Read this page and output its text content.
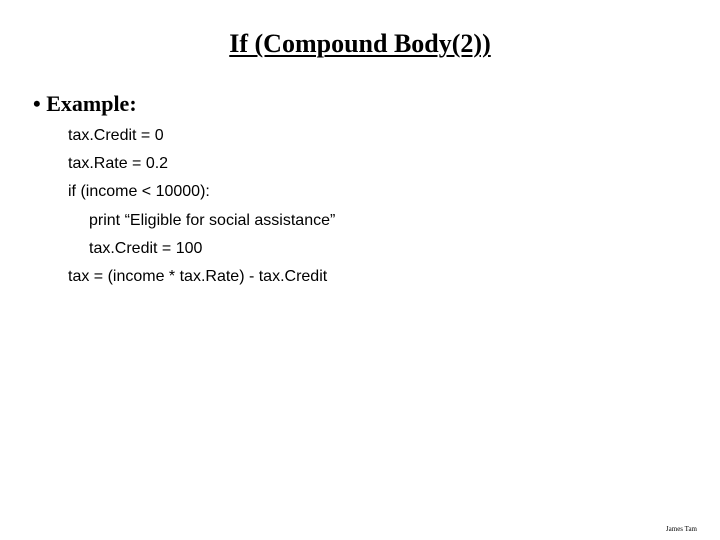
If (Compound Body(2))
• Example:
tax.Credit = 0
tax.Rate = 0.2
if (income < 10000):
print “Eligible for social assistance”
tax.Credit = 100
tax = (income * tax.Rate) - tax.Credit
James Tam
